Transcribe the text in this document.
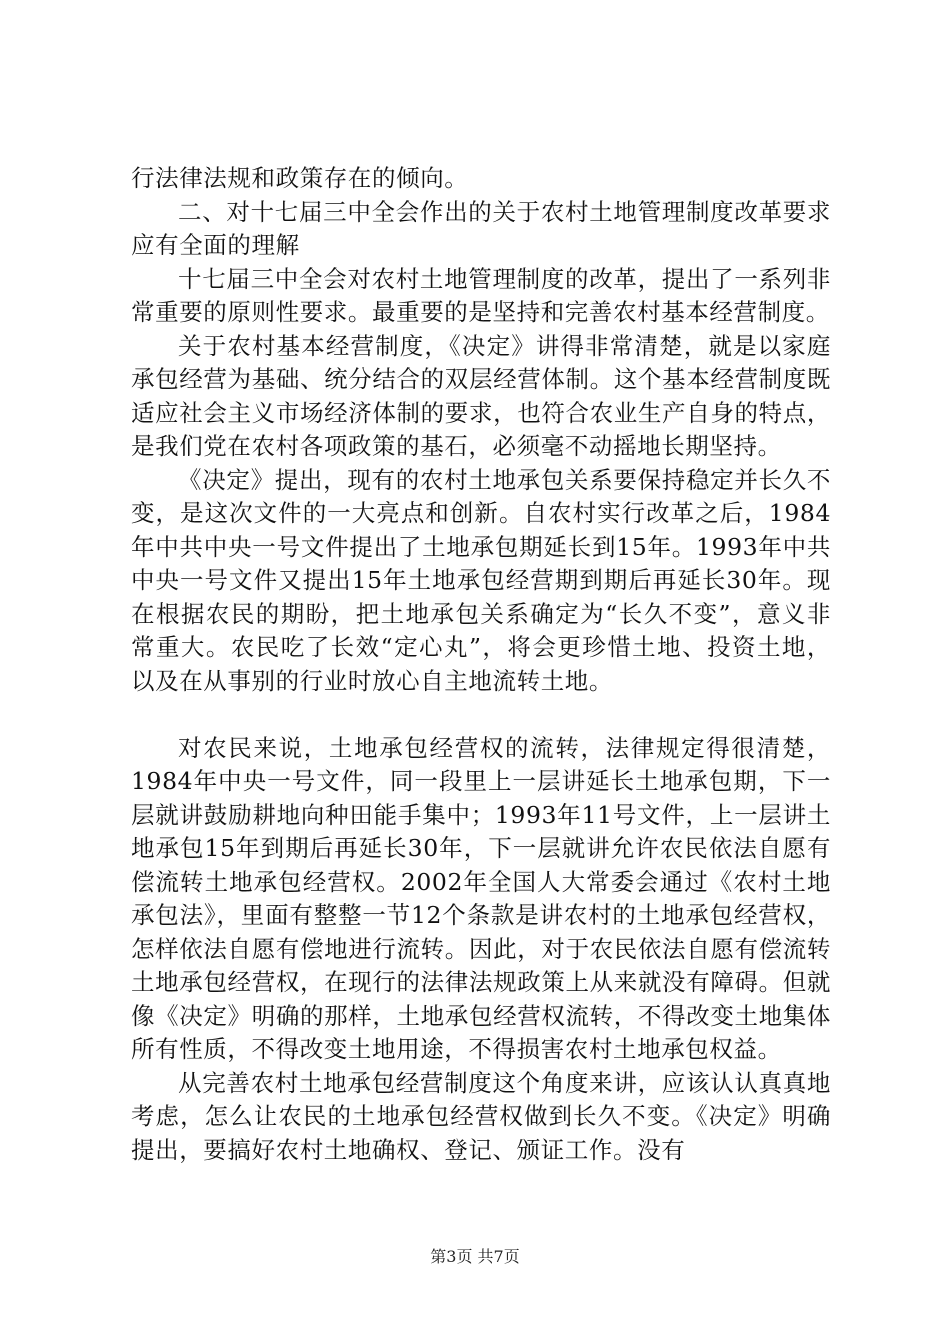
行法律法规和政策存在的倾向。

二、对十七届三中全会作出的关于农村土地管理制度改革要求应有全面的理解

十七届三中全会对农村土地管理制度的改革，提出了一系列非常重要的原则性要求。最重要的是坚持和完善农村基本经营制度。

关于农村基本经营制度，《决定》讲得非常清楚，就是以家庭承包经营为基础、统分结合的双层经营体制。这个基本经营制度既适应社会主义市场经济体制的要求，也符合农业生产自身的特点，是我们党在农村各项政策的基石，必须毫不动摇地长期坚持。

《决定》提出，现有的农村土地承包关系要保持稳定并长久不变，是这次文件的一大亮点和创新。自农村实行改革之后，1984年中共中央一号文件提出了土地承包期延长到15年。1993年中共中央一号文件又提出15年土地承包经营期到期后再延长30年。现在根据农民的期盼，把土地承包关系确定为“长久不变”，意义非常重大。农民吃了长效“定心丸”，将会更珍惜土地、投资土地，以及在从事别的行业时放心自主地流转土地。

对农民来说，土地承包经营权的流转，法律规定得很清楚，1984年中央一号文件，同一段里上一层讲延长土地承包期，下一层就讲鼓励耕地向种田能手集中；1993年11号文件，上一层讲土地承包15年到期后再延长30年，下一层就讲允许农民依法自愿有偿流转土地承包经营权。2002年全国人大常委会通过《农村土地承包法》，里面有整整一节12个条款是讲农村的土地承包经营权，怎样依法自愿有偿地进行流转。因此，对于农民依法自愿有偿流转土地承包经营权，在现行的法律法规政策上从来就没有障碍。但就像《决定》明确的那样，土地承包经营权流转，不得改变土地集体所有性质，不得改变土地用途，不得损害农村土地承包权益。

从完善农村土地承包经营制度这个角度来讲，应该认认真真地考虑，怎么让农民的土地承包经营权做到长久不变。《决定》明确提出，要搞好农村土地确权、登记、颁证工作。没有

第3页 共7页
